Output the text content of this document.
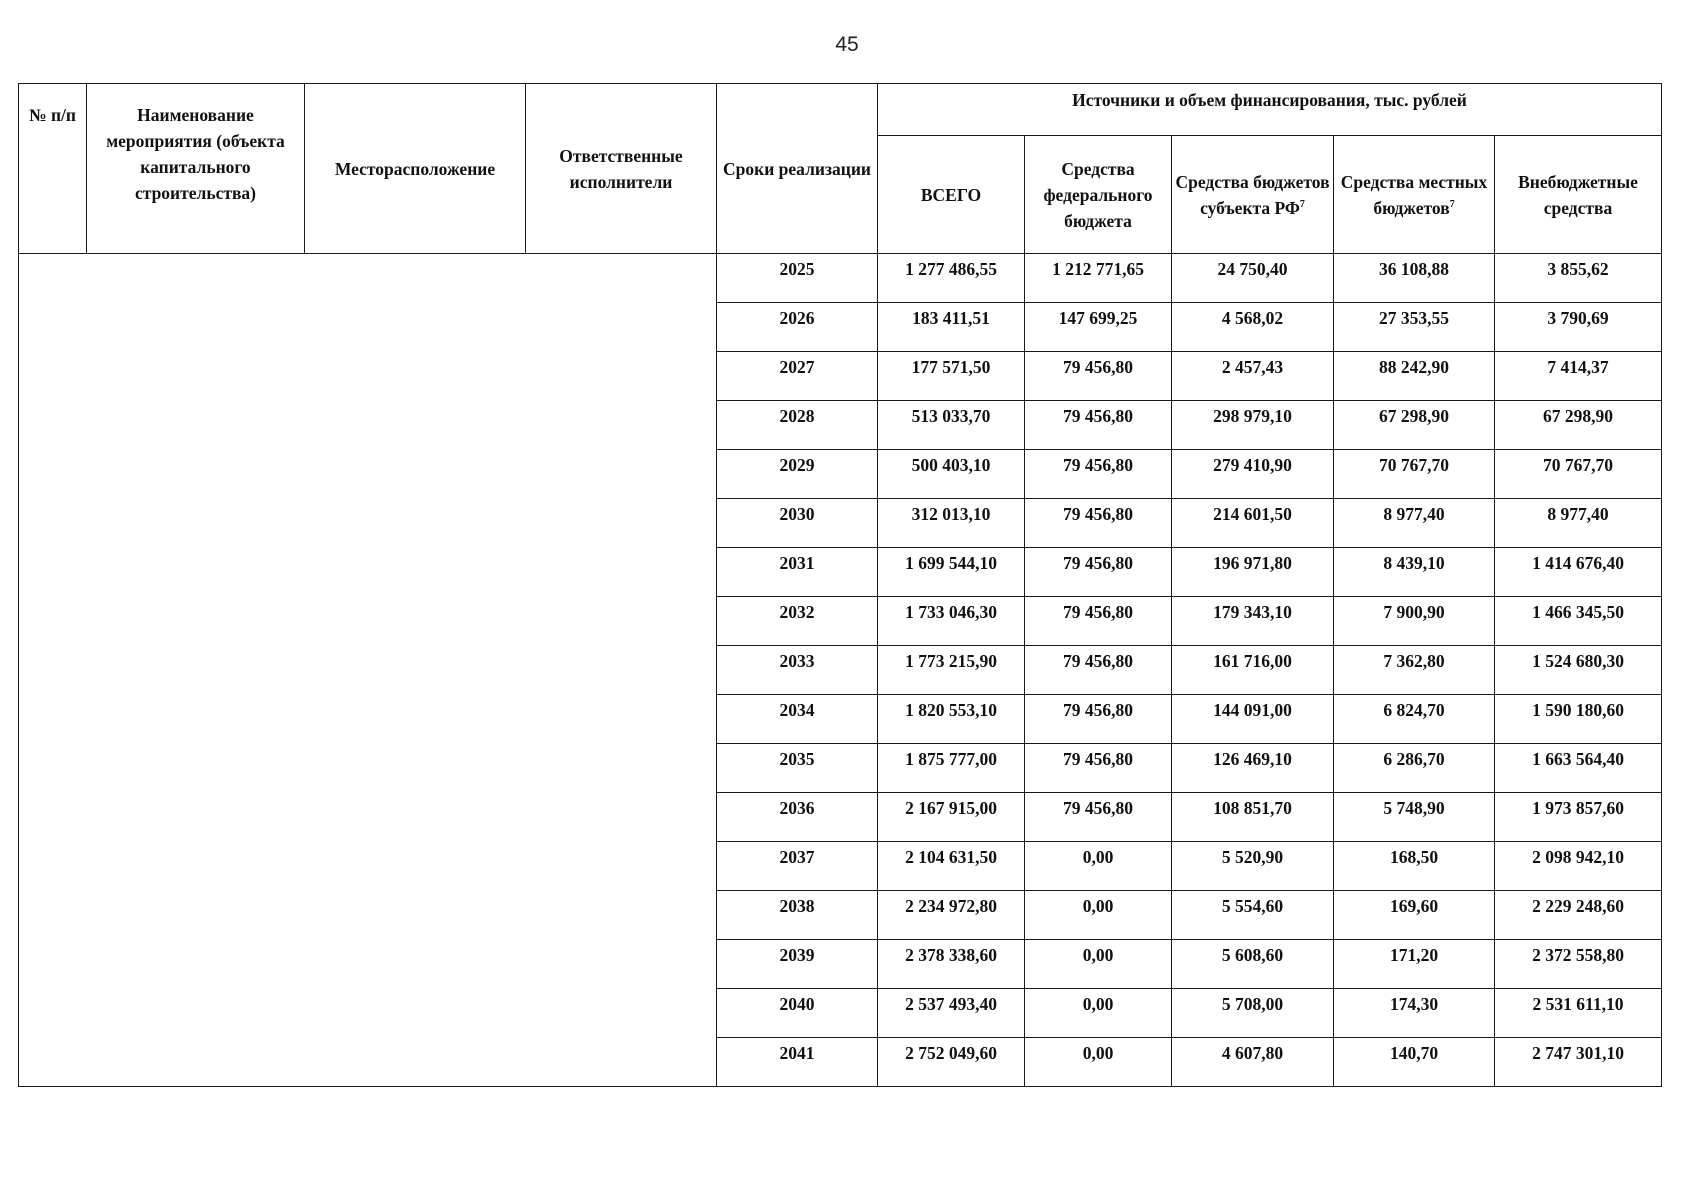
45
№ п/п	Наименование мероприятия (объекта капитального строительства)	Месторасположение	Ответственные исполнители	Сроки реализации	Источники и объем финансирования, тыс. рублей				
					ВСЕГО	Средства федерального бюджета	Средства бюджетов субъекта $РФ^7$	Средства местных бюджетов$^7$	Внебюджетные средства
				2025	1 277 486,55	1 212 771,65	24 750,40	36 108,88	3 855,62
				2026	183 411,51	147 699,25	4 568,02	27 353,55	3 790,69
				2027	177 571,50	79 456,80	2 457,43	88 242,90	7 414,37
				2028	513 033,70	79 456,80	298 979,10	67 298,90	67 298,90
				2029	500 403,10	79 456,80	279 410,90	70 767,70	70 767,70
				2030	312 013,10	79 456,80	214 601,50	8 977,40	8 977,40
				2031	1 699 544,10	79 456,80	196 971,80	8 439,10	1 414 676,40
				2032	1 733 046,30	79 456,80	179 343,10	7 900,90	1 466 345,50
				2033	1 773 215,90	79 456,80	161 716,00	7 362,80	1 524 680,30
				2034	1 820 553,10	79 456,80	144 091,00	6 824,70	1 590 180,60
				2035	1 875 777,00	79 456,80	126 469,10	6 286,70	1 663 564,40
				2036	2 167 915,00	79 456,80	108 851,70	5 748,90	1 973 857,60
				2037	2 104 631,50	0,00	5 520,90	168,50	2 098 942,10
				2038	2 234 972,80	0,00	5 554,60	169,60	2 229 248,60
				2039	2 378 338,60	0,00	5 608,60	171,20	2 372 558,80
				2040	2 537 493,40	0,00	5 708,00	174,30	2 531 611,10
				2041	2 752 049,60	0,00	4 607,80	140,70	2 747 301,10
